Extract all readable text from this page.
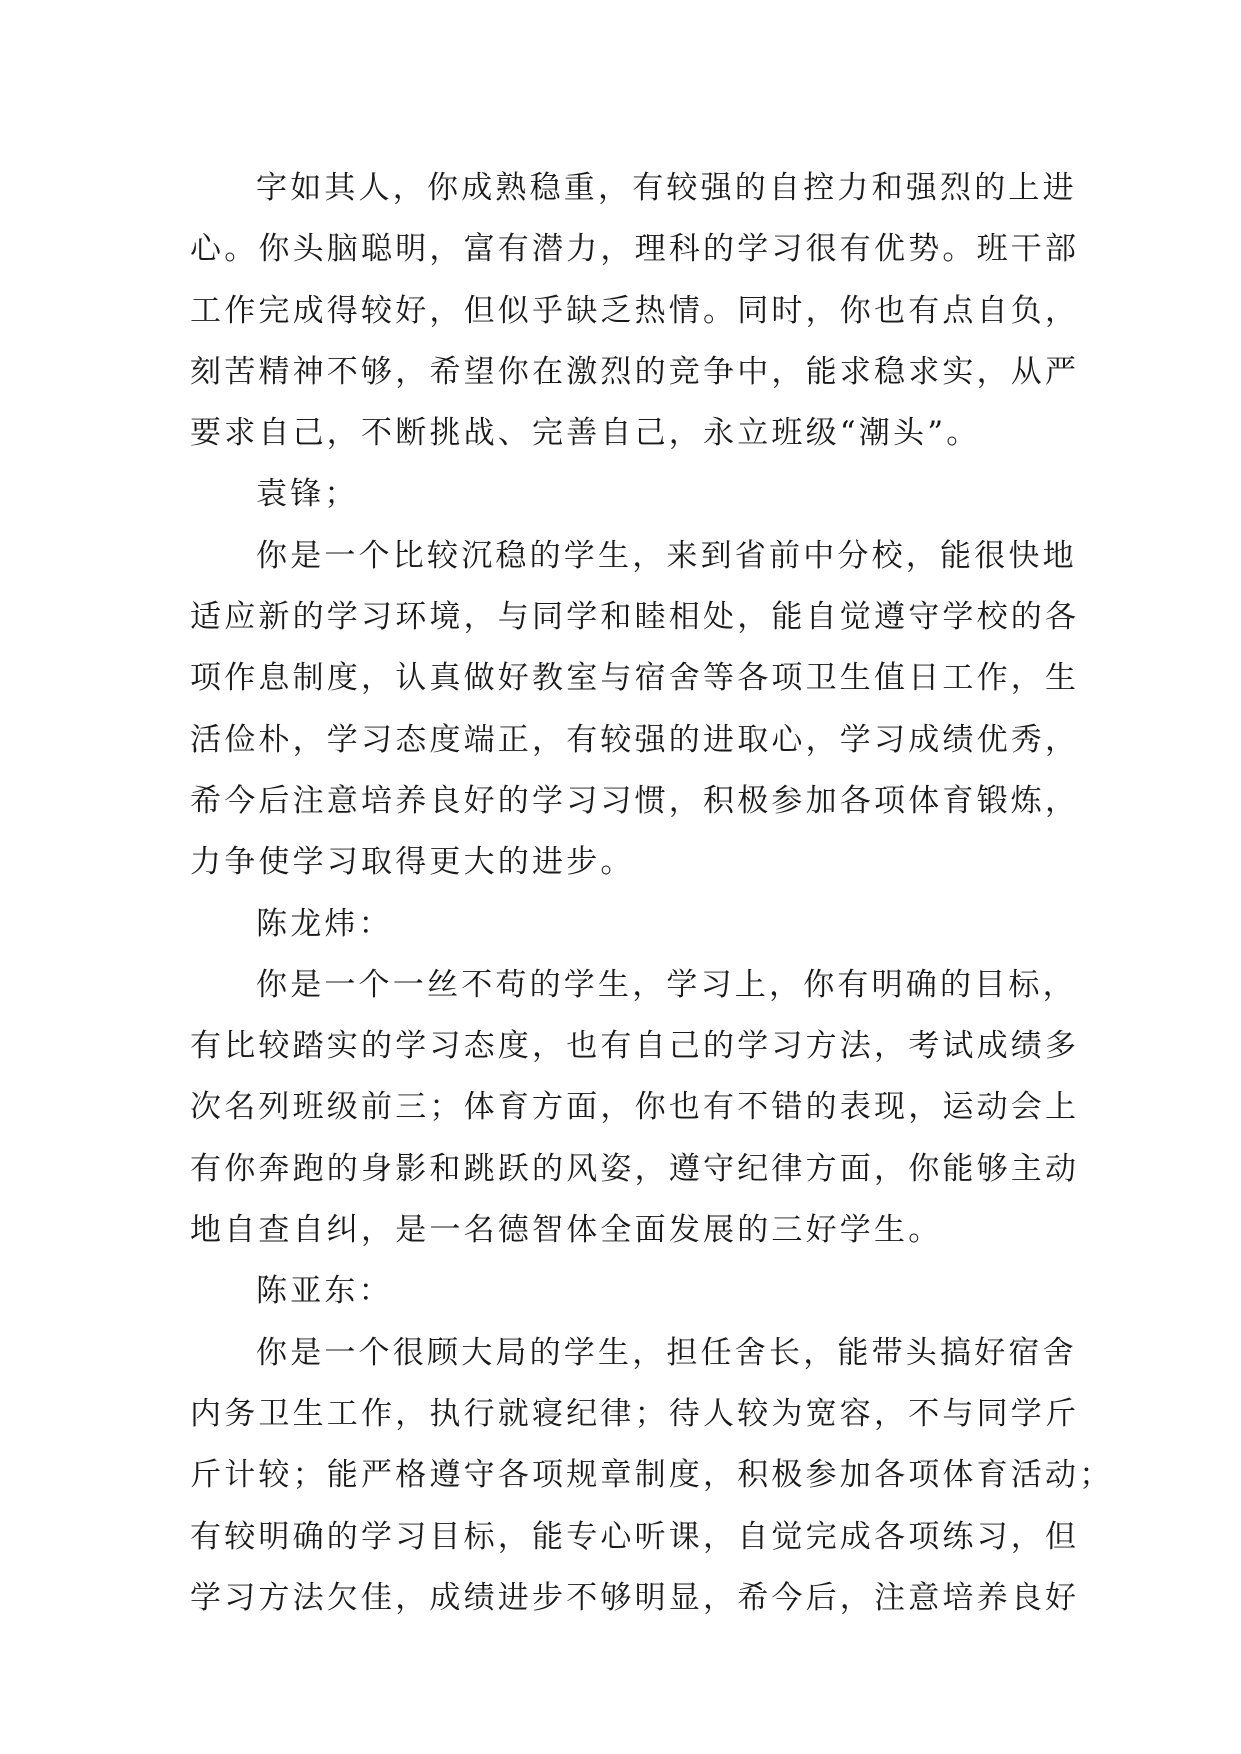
字如其人，你成熟稳重，有较强的自控力和强烈的上进
心。你头脑聪明，富有潜力，理科的学习很有优势。班干部
工作完成得较好，但似乎缺乏热情。同时，你也有点自负，
刻苦精神不够，希望你在激烈的竞争中，能求稳求实，从严
要求自己，不断挑战、完善自己，永立班级“潮头”。
袁锋；
你是一个比较沉稳的学生，来到省前中分校，能很快地
适应新的学习环境，与同学和睦相处，能自觉遵守学校的各
项作息制度，认真做好教室与宿舍等各项卫生值日工作，生
活俭朴，学习态度端正，有较强的进取心，学习成绩优秀，
希今后注意培养良好的学习习惯，积极参加各项体育锻炼，
力争使学习取得更大的进步。
陈龙炜：
你是一个一丝不苟的学生，学习上，你有明确的目标，
有比较踏实的学习态度，也有自己的学习方法，考试成绩多
次名列班级前三；体育方面，你也有不错的表现，运动会上
有你奔跑的身影和跳跃的风姿，遵守纪律方面，你能够主动
地自查自纠，是一名德智体全面发展的三好学生。
陈亚东：
你是一个很顾大局的学生，担任舍长，能带头搞好宿舍
内务卫生工作，执行就寝纪律；待人较为宽容，不与同学斤
斤计较；能严格遵守各项规章制度，积极参加各项体育活动；
有较明确的学习目标，能专心听课，自觉完成各项练习，但
学习方法欠佳，成绩进步不够明显，希今后，注意培养良好
